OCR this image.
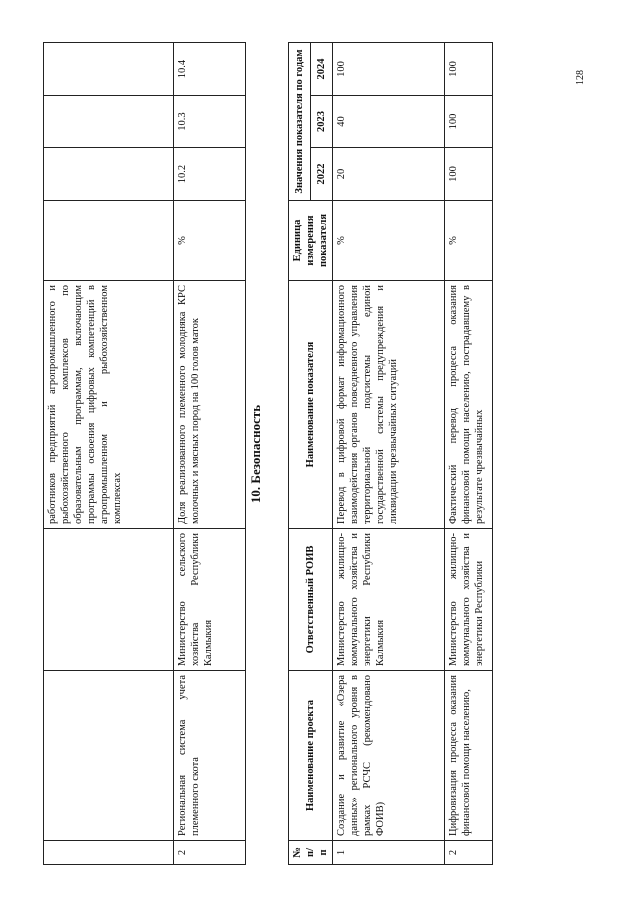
			работников предприятий агропромышленного и рыбохозяйственного комплексов по образовательным программам, включающим программы освоения цифровых компетенций в агропромышленном и рыбохозяйственном комплексах				
2	Региональная система учета племенного скота	Министерство сельского хозяйства Республики Калмыкия	Доля реализованного племенного молодняка КРС молочных и мясных пород на 100 голов маток	%	10.2	10.3	10.4
10. Безопасность
№ п/п	Наименование проекта	Ответственный РОИВ	Наименование показателя	Единица измерения показателя	Значения показателя по годам		
					2022	2023	2024
1	Создание и развитие «Озера данных» регионального уровня в рамках РСЧС (рекомендовано ФОИВ)	Министерство жилищно-коммунального хозяйства и энергетики Республики Калмыкия	Перевод в цифровой формат информационного взаимодействия органов повседневного управления территориальной подсистемы единой государственной системы предупреждения и ликвидации чрезвычайных ситуаций	%	20	40	100
2	Цифровизация процесса оказания финансовой помощи населению,	Министерство жилищно-коммунального хозяйства и энергетики Республики	Фактический перевод процесса оказания финансовой помощи населению, пострадавшему в результате чрезвычайных	%	100	100	100
128
